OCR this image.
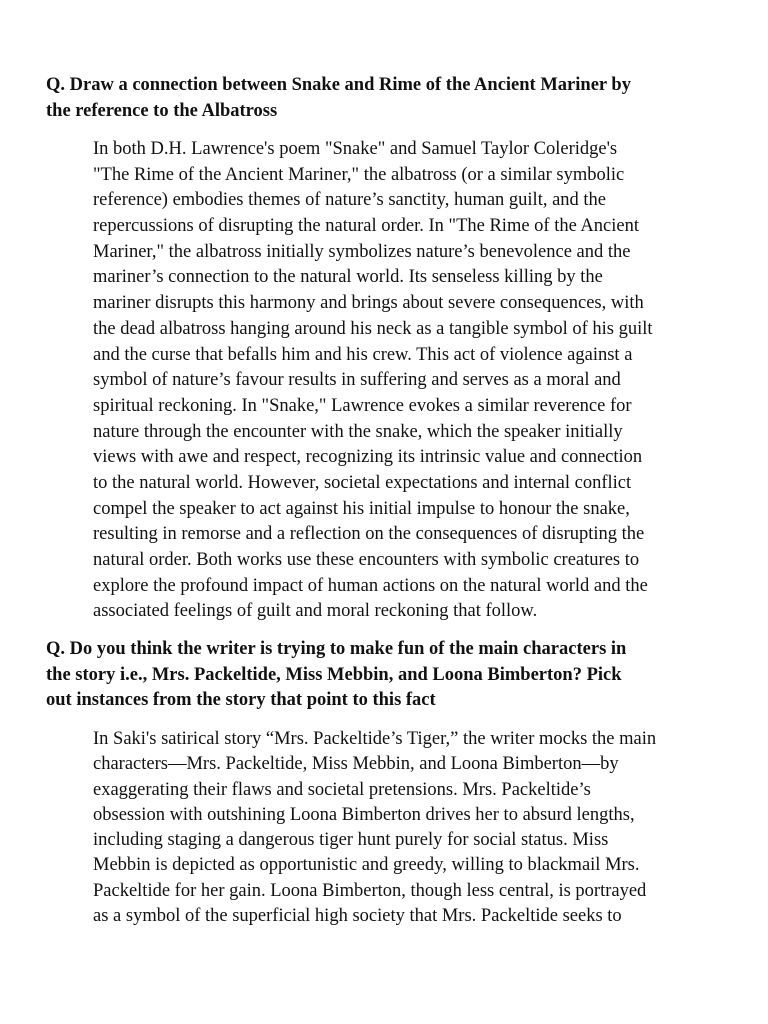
Q. Draw a connection between Snake and Rime of the Ancient Mariner by
the reference to the Albatross
In both D.H. Lawrence's poem "Snake" and Samuel Taylor Coleridge's
"The Rime of the Ancient Mariner," the albatross (or a similar symbolic
reference) embodies themes of nature’s sanctity, human guilt, and the
repercussions of disrupting the natural order. In "The Rime of the Ancient
Mariner," the albatross initially symbolizes nature’s benevolence and the
mariner’s connection to the natural world. Its senseless killing by the
mariner disrupts this harmony and brings about severe consequences, with
the dead albatross hanging around his neck as a tangible symbol of his guilt
and the curse that befalls him and his crew. This act of violence against a
symbol of nature’s favour results in suffering and serves as a moral and
spiritual reckoning. In "Snake," Lawrence evokes a similar reverence for
nature through the encounter with the snake, which the speaker initially
views with awe and respect, recognizing its intrinsic value and connection
to the natural world. However, societal expectations and internal conflict
compel the speaker to act against his initial impulse to honour the snake,
resulting in remorse and a reflection on the consequences of disrupting the
natural order. Both works use these encounters with symbolic creatures to
explore the profound impact of human actions on the natural world and the
associated feelings of guilt and moral reckoning that follow.
Q. Do you think the writer is trying to make fun of the main characters in
the story i.e., Mrs. Packeltide, Miss Mebbin, and Loona Bimberton? Pick
out instances from the story that point to this fact
In Saki's satirical story “Mrs. Packeltide’s Tiger,” the writer mocks the main
characters—Mrs. Packeltide, Miss Mebbin, and Loona Bimberton—by
exaggerating their flaws and societal pretensions. Mrs. Packeltide’s
obsession with outshining Loona Bimberton drives her to absurd lengths,
including staging a dangerous tiger hunt purely for social status. Miss
Mebbin is depicted as opportunistic and greedy, willing to blackmail Mrs.
Packeltide for her gain. Loona Bimberton, though less central, is portrayed
as a symbol of the superficial high society that Mrs. Packeltide seeks to
